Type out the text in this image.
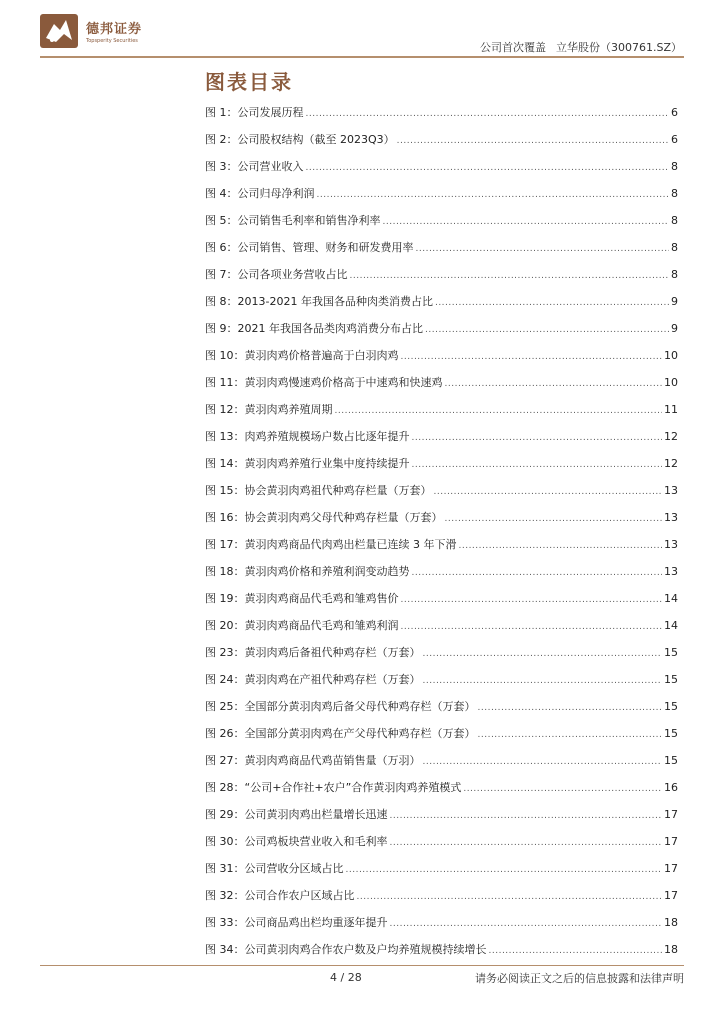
德邦证券
Topsperity Securities	公司首次覆盖 立华股份（300761.SZ）
图表目录
图 1：公司发展历程 .....	6
图 2：公司股权结构（截至 2023Q3） .....	6
图 3：公司营业收入 .....	8
图 4：公司归母净利润 .....	8
图 5：公司销售毛利率和销售净利率 .....	8
图 6：公司销售、管理、财务和研发费用率 .....	8
图 7：公司各项业务营收占比 .....	8
图 8：2013-2021 年我国各品种肉类消费占比 .....	9
图 9：2021 年我国各品类肉鸡消费分布占比 .....	9
图 10：黄羽肉鸡价格普遍高于白羽肉鸡 .....	10
图 11：黄羽肉鸡慢速鸡价格高于中速鸡和快速鸡 .....	10
图 12：黄羽肉鸡养殖周期 .....	11
图 13：肉鸡养殖规模场户数占比逐年提升 .....	12
图 14：黄羽肉鸡养殖行业集中度持续提升 .....	12
图 15：协会黄羽肉鸡祖代种鸡存栏量（万套） .....	13
图 16：协会黄羽肉鸡父母代种鸡存栏量（万套） .....	13
图 17：黄羽肉鸡商品代肉鸡出栏量已连续 3 年下滑 .....	13
图 18：黄羽肉鸡价格和养殖利润变动趋势 .....	13
图 19：黄羽肉鸡商品代毛鸡和雏鸡售价 .....	14
图 20：黄羽肉鸡商品代毛鸡和雏鸡利润 .....	14
图 23：黄羽肉鸡后备祖代种鸡存栏（万套） .....	15
图 24：黄羽肉鸡在产祖代种鸡存栏（万套） .....	15
图 25：全国部分黄羽肉鸡后备父母代种鸡存栏（万套） .....	15
图 26：全国部分黄羽肉鸡在产父母代种鸡存栏（万套） .....	15
图 27：黄羽肉鸡商品代鸡苗销售量（万羽） .....	15
图 28：“公司+合作社+农户”合作黄羽肉鸡养殖模式 .....	16
图 29：公司黄羽肉鸡出栏量增长迅速 .....	17
图 30：公司鸡板块营业收入和毛利率 .....	17
图 31：公司营收分区域占比 .....	17
图 32：公司合作农户区域占比 .....	17
图 33：公司商品鸡出栏均重逐年提升 .....	18
图 34：公司黄羽肉鸡合作农户数及户均养殖规模持续增长 .....	18
4 / 28	请务必阅读正文之后的信息披露和法律声明
